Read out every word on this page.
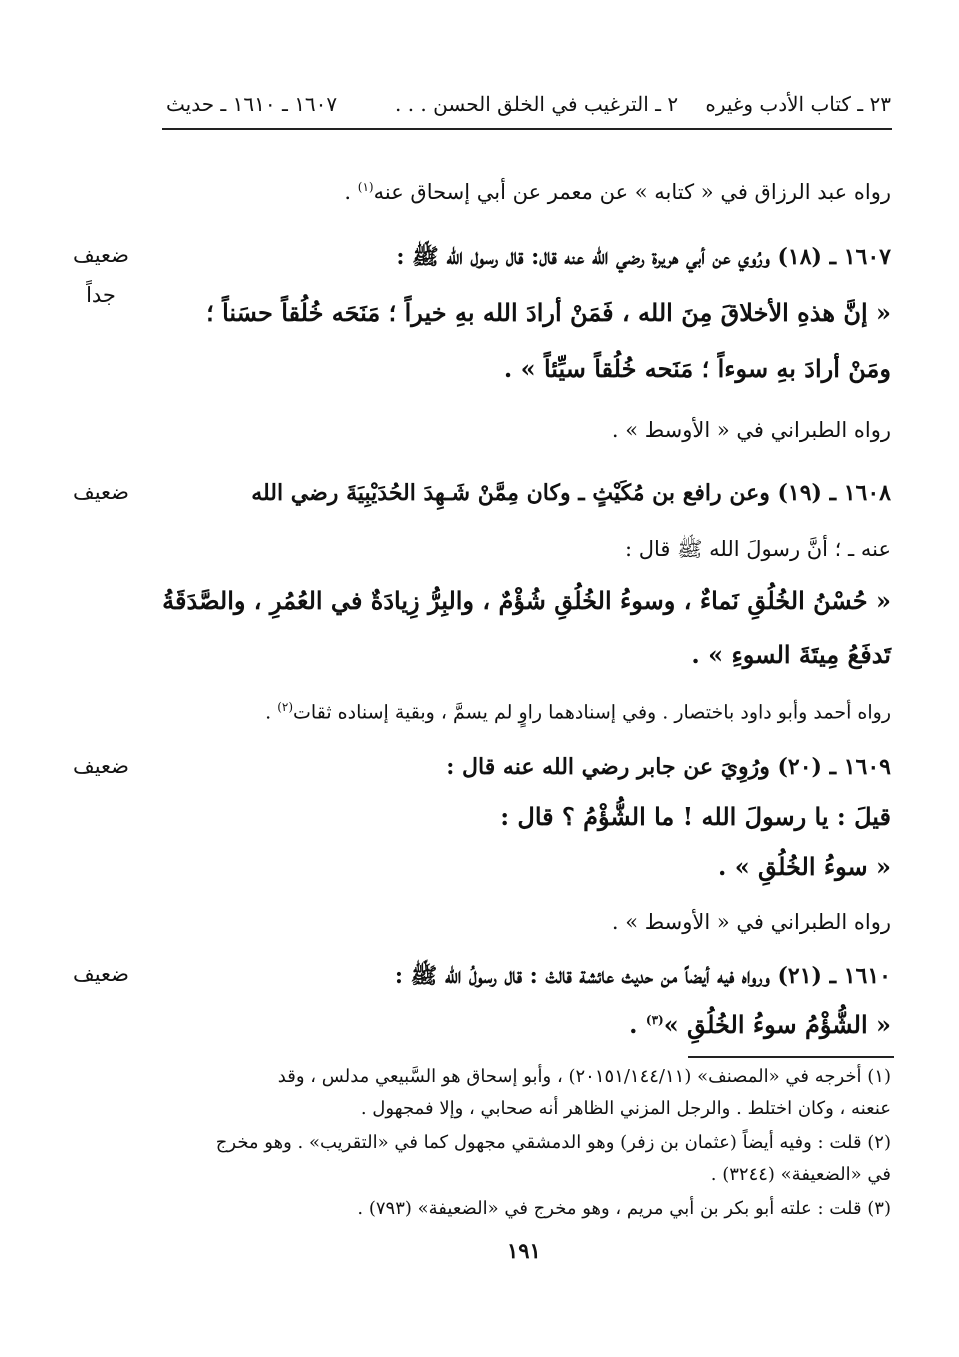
٢٣ ـ كتاب الأدب وغيره
٢ ـ الترغيب في الخلق الحسن . . .
١٦٠٧ ـ ١٦١٠ ـ حديث
رواه عبد الرزاق في « كتابه » عن معمر عن أبي إسحاق عنه$^{(١)}$ .
١٦٠٧ ـ (١٨) ورُوي عن أبي هريرة رضي الله عنه قال: قال رسول الله ﷺ :
ضعيف
جداً
« إنَّ هذهِ الأخلاقَ مِنَ الله ، فَمَنْ أرادَ الله بهِ خيراً ؛ مَنَحَه خُلُقاً حسَناً ؛
ومَنْ أرادَ بهِ سوءاً ؛ مَنَحه خُلُقاً سيِّئاً » .
رواه الطبراني في « الأوسط » .
١٦٠٨ ـ (١٩) وعن رافع بن مُكَيْثٍ ـ وكان مِمَّنْ شَـهِدَ الحُدَيْبِيَةَ رضي الله
ضعيف
عنه ـ ؛ أنَّ رسولَ الله ﷺ قال :
« حُسْنُ الخُلُقِ نَماءٌ ، وسوءُ الخُلُقِ شُؤْمٌ ، والبِرُّ زِيادَةٌ في العُمُرِ ، والصَّدَقَةُ
تَدفَعُ مِيتَةَ السوءِ » .
رواه أحمد وأبو داود باختصار . وفي إسنادهما راوٍ لم يسمَّ ، وبقية إسناده ثقات$^{(٢)}$ .
١٦٠٩ ـ (٢٠) ورُوِيَ عن جابر رضي الله عنه قال :
ضعيف
قيلَ : يا رسولَ الله ! ما الشُّؤْمُ ؟ قال :
« سوءُ الخُلُقِ » .
رواه الطبراني في « الأوسط » .
١٦١٠ ـ (٢١) ورواه فيه أيضاً من حديث عائشة قالتْ : قال رسولُ الله ﷺ :
ضعيف
« الشُّؤْمُ سوءُ الخُلُقِ »$^{(٣)}$ .
(١) أخرجه في «المصنف» (٢٠١٥١/١٤٤/١١) ، وأبو إسحاق هو السَّبيعي مدلس ، وقد
عنعنه ، وكان اختلط . والرجل المزني الظاهر أنه صحابي ، وإلا فمجهول .
(٢) قلت : وفيه أيضاً (عثمان بن زفر) وهو الدمشقي مجهول كما في «التقريب» . وهو مخرج
في «الضعيفة» (٣٢٤٤) .
(٣) قلت : علته أبو بكر بن أبي مريم ، وهو مخرج في «الضعيفة» (٧٩٣) .
١٩١
